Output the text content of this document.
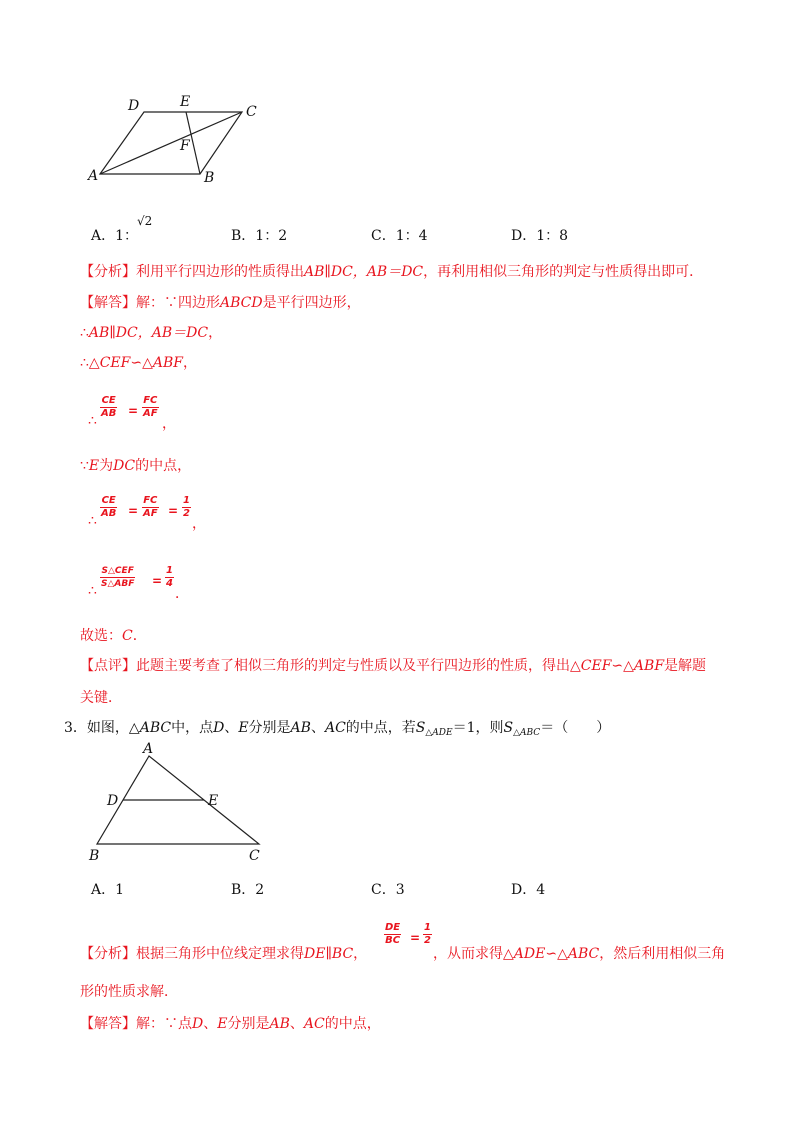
D	E
C
F
A	B
A．1：
√2
B．1：2	C．1：4	D．1：8
【分析】利用平行四边形的性质得出AB∥DC，AB＝DC，再利用相似三角形的判定与性质得出即可．
【解答】解：∵四边形ABCD是平行四边形，
∴AB∥DC，AB＝DC，
∴△CEF∽△ABF，
$\frac{CE}{AB} = \frac{FC}{AF}$
∴	，
∵E为DC的中点，
$\frac{CE}{AB} = \frac{FC}{AF} = \frac{1}{2}$
∴	，
S△CEF
S△ABF = $\frac{1}{4}$
∴	．
故选：C．
【点评】此题主要考查了相似三角形的判定与性质以及平行四边形的性质，得出△CEF∽△ABF是解题
关键．
3．如图，△ABC中，点D、E分别是AB、AC的中点，若$S_{\triangle ADE}=1$，则$S_{\triangle ABC}=$（　　）
A
D	E
B	C
A．1	B．2	C．3	D．4
【分析】根据三角形中位线定理求得DE∥BC，
$\frac{DE}{BC} = \frac{1}{2}$
，从而求得△ADE∽△ABC，然后利用相似三角
形的性质求解．
【解答】解：∵点D、E分别是AB、AC的中点，
